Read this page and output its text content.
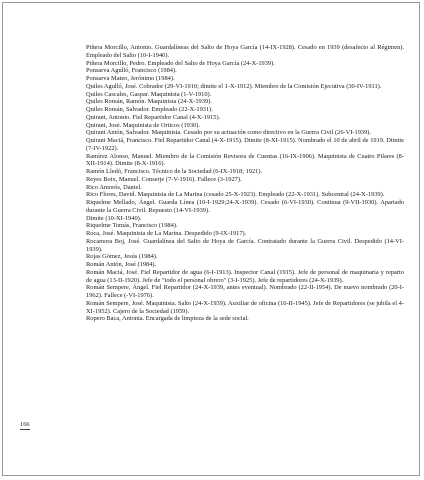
Piñera Morcillo, Antonio. Guardalíneas del Salto de Hoya García (14-IX-1928). Cesado en 1939 (desafecto al Régimen). Empleado del Salto (10-I-1940).

Piñera Morcillo, Pedro. Empleado del Salto de Hoya García (24-X-1939).

Ponsarva Agulló, Francisco (1984).

Ponsarva Mateo, Jerónimo (1984).

Quiles Agulló, José. Cobrador (29-VI-1910; dimite el 1-X-1912). Miembro de la Comisión Ejecutiva (30-IV-1911).

Quiles Cascales, Gaspar. Maquinista (1-V-1910).

Quiles Román, Ramón. Maquinista (24-X-1939).

Quiles Román, Salvador. Empleado (22-X-1931).

Quirant, Antonio. Fiel Repartidor Canal (4-X-1915).

Quirant, José. Maquinista de Orticos (1930).

Quirant Antón, Salvador. Maquinista. Cesado por su actuación como directivo en la Guerra Civil (26-VI-1939).

Quirant Maciá, Francisco. Fiel Repartidor Canal (4-X-1915). Dimite (8-XI-1915). Nombrado el 10 de abril de 1919. Dimite (7-IV-1922).

Ramírez Alonso, Manuel. Miembro de la Comisión Revisora de Cuentas (16-IX-1906). Maquinista de Cuatro Pilares (8-XII-1914). Dimite (8-X-1916).

Ramón Lledó, Francisco. Técnico de la Sociedad (6-IX-1918; 1921).

Reyes Boix, Manuel. Conserje (7-V-1916). Fallece (3-1927).

Rico Amorós, Daniel.

Rico Flores, David. Maquinista de La Marina (cesado 25-X-1923). Empleado (22-X-1931). Subcentral (24-X-1939).

Riquelme Mellado, Ángel. Guarda Línea (10-I-1929;24-X-1939). Cesado (6-VI-1930). Continua (9-VII-1930). Apartado durante la Guerra Civil. Repuesto (14-VI-1939).

Dimite (10-XI-1940).

Riquelme Tomás, Francisco (1984).

Roca, José. Maquinista de La Marina. Despedido (9-IX-1917).

Rocamora Boj, José. Guardalínea del Salto de Hoya de García. Contratado durante la Guerra Civil. Despedido (14-VI-1939).

Rojas Gómez, Jesús (1984).

Román Antón, José (1984).

Román Maciá, José. Fiel Repartidor de agua (6-I-1913). Inspector Canal (1915). Jefe de personal de maquinaria y reparto de agua (13-II-1920). Jefe de "todo el personal obrero" (3-I-1925). Jefe de repartidores (24-X-1939).

Román Sempere, Ángel. Fiel Repartidor (24-X-1939, antes eventual). Nombrado (22-II-1954). De nuevo nombrado (20-I-1962). Fallece (-VI-1976).

Román Sempere, José. Maquinista. Salto (24-X-1939). Auxiliar de oficina (10-II-1945). Jefe de Repartidores (se jubila el 4-XI-1952). Cajero de la Sociedad (1959).

Ropero Baca, Antonia. Encargada de limpieza de la sede social.

166
